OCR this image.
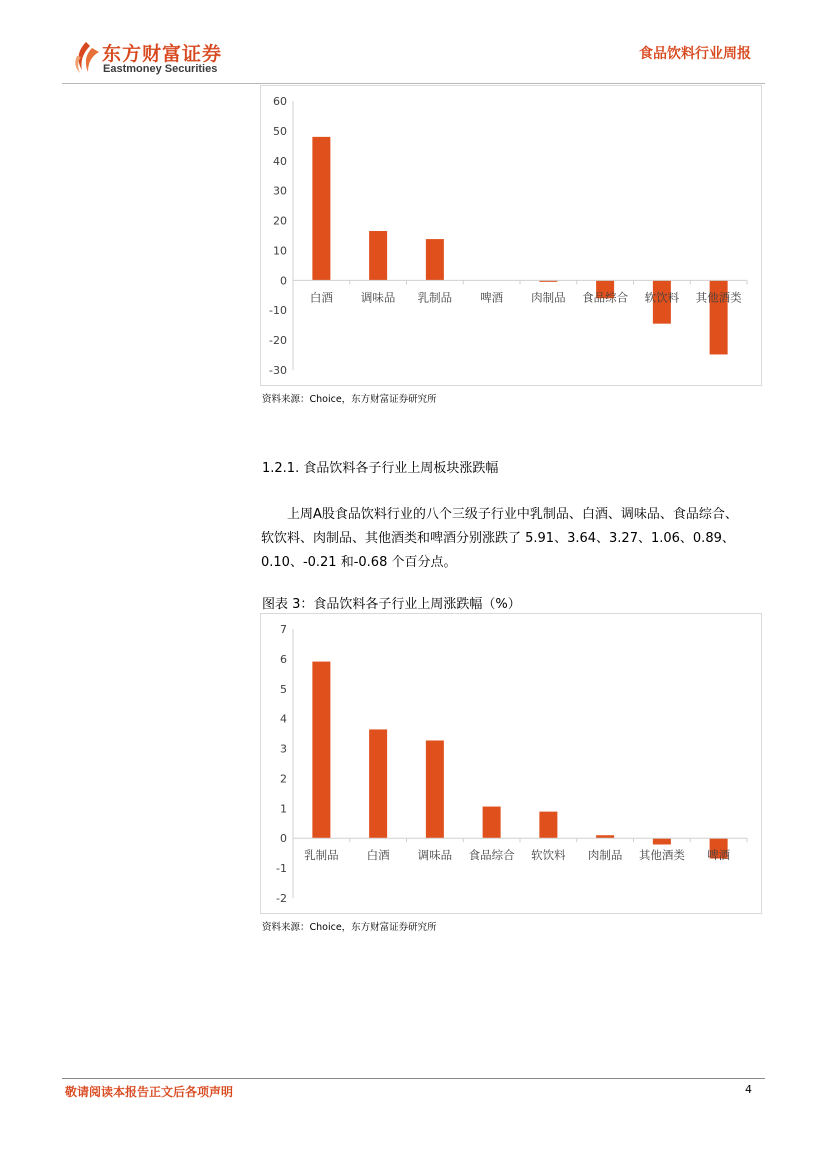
东方财富证券
Eastmoney Securities
食品饮料行业周报
60
50
40
30
20
10
0
-10
-20
-30
白酒 调味品 乳制品 啤酒 肉制品 食品综合 软饮料 其他酒类
资料来源：Choice，东方财富证券研究所
1.2.1. 食品饮料各子行业上周板块涨跌幅
上周A股食品饮料行业的八个三级子行业中乳制品、白酒、调味品、食品综合、
软饮料、肉制品、其他酒类和啤酒分别涨跌了 5.91、3.64、3.27、1.06、0.89、
0.10、-0.21 和-0.68 个百分点。
图表 3：食品饮料各子行业上周涨跌幅（%）
7
6
5
4
3
2
1
0
-1
-2
乳制品 白酒 调味品 食品综合 软饮料 肉制品 其他酒类 啤酒
资料来源：Choice，东方财富证券研究所
敬请阅读本报告正文后各项声明	4
